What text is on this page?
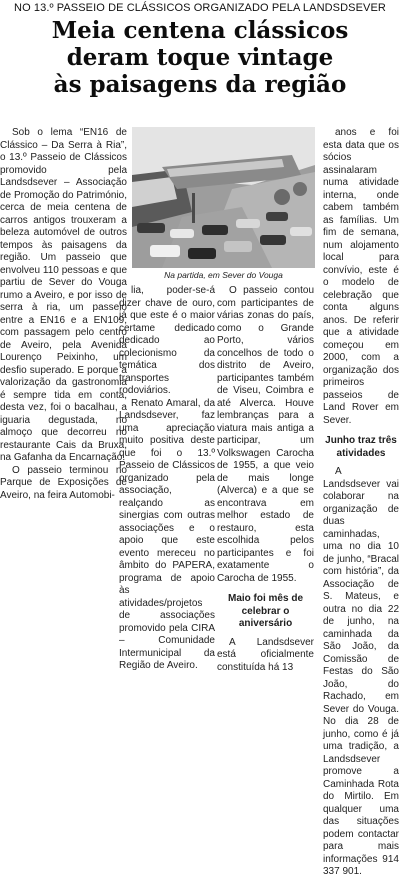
NO 13.º PASSEIO DE CLÁSSICOS ORGANIZADO PELA LANDSDSEVER
Meia centena clássicos
deram toque vintage
às paisagens da região

Sob o lema “EN16 de Clássico – Da Serra à Ria”, o 13.º Passeio de Clássicos promovido pela Landsdsever – Associação de Promoção do Património, cerca de meia centena de carros antigos trouxeram a beleza automóvel de outros tempos às paisagens da região. Um passeio que envolveu 110 pessoas e que partiu de Sever do Vouga rumo a Aveiro, e por isso de serra à ria, um passeio entre a EN16 e a EN109, com passagem pelo centro de Aveiro, pela Avenida Lourenço Peixinho, um desfio superado. E porque a valorização da gastronomia é sempre tida em conta, desta vez, foi o bacalhau, a iguaria degustada, no almoço que decorreu no restaurante Cais da Bruxa, na Gafanha da Encarnação.

O passeio terminou no Parque de Exposições de Aveiro, na feira Automobi-

Na partida, em Sever do Vouga

lia, poder-se-á dizer chave de ouro, já que este é o maior certame dedicado dedicado ao colecionismo da temática dos transportes rodoviários.

Renato Amaral, da Landsdsever, faz uma apreciação muito positiva deste que foi o 13.º Passeio de Clássicos organizado pela associação, realçando as sinergias com outras associações e o apoio que este evento mereceu no âmbito do PAPERA, programa de apoio às atividades/projetos de associações promovido pela CIRA – Comunidade Intermunicipal da Região de Aveiro.

O passeio contou com participantes de várias zonas do país, como o Grande Porto, vários concelhos de todo o distrito de Aveiro, participantes também de Viseu, Coimbra e até Alverca. Houve lembranças para a viatura mais antiga a participar, um Volkswagen Carocha de 1955, a que veio de mais longe (Alverca) e a que se encontrava em melhor estado de restauro, esta escolhida pelos participantes e foi exatamente o Carocha de 1955.

Maio foi mês de celebrar o aniversário

A Landsdsever está oficialmente constituída há 13

anos e foi esta data que os sócios assinalaram numa atividade interna, onde cabem também as famílias. Um fim de semana, num alojamento local para convívio, este é o modelo de celebração que conta alguns anos. De referir que a atividade começou em 2000, com a organização dos primeiros passeios de Land Rover em Sever.

Junho traz três atividades

A Landsdsever vai colaborar na organização de duas caminhadas, uma no dia 10 de junho, “Bracal com história”, da Associação de S. Mateus, e outra no dia 22 de junho, na caminhada da São João, da Comissão de Festas do São João, do Rachado, em Sever do Vouga. No dia 28 de junho, como é já uma tradição, a Landsdsever promove a Caminhada Rota do Mirtilo. Em qualquer uma das situações podem contactar para mais informações 914 337 901.
